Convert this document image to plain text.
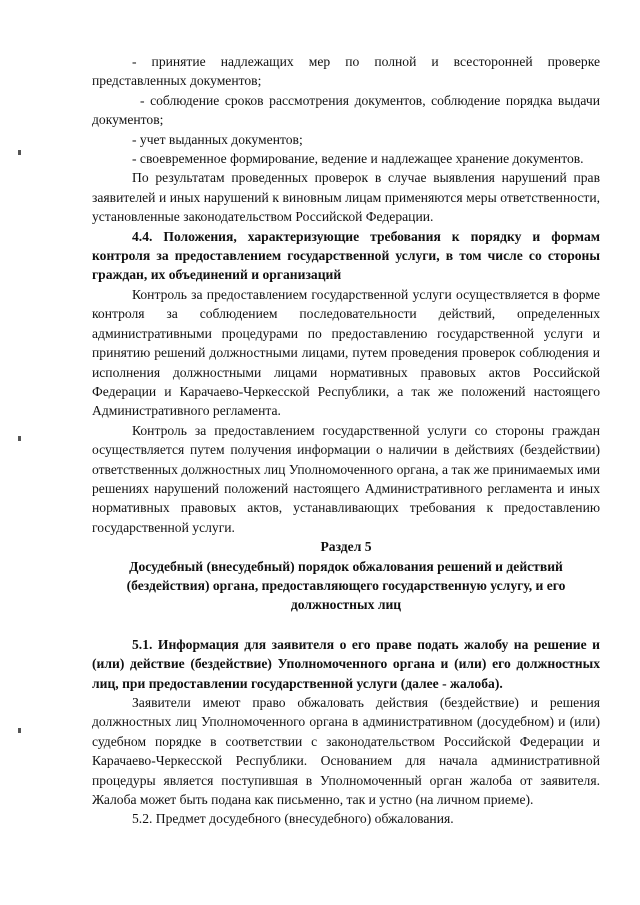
- принятие надлежащих мер по полной и всесторонней проверке представленных документов;

- соблюдение сроков рассмотрения документов, соблюдение порядка выдачи документов;

- учет выданных документов;

- своевременное формирование, ведение и надлежащее хранение документов.

По результатам проведенных проверок в случае выявления нарушений прав заявителей и иных нарушений к виновным лицам применяются меры ответственности, установленные законодательством Российской Федерации.

4.4. Положения, характеризующие требования к порядку и формам контроля за предоставлением государственной услуги, в том числе со стороны граждан, их объединений и организаций

Контроль за предоставлением государственной услуги осуществляется в форме контроля за соблюдением последовательности действий, определенных административными процедурами по предоставлению государственной услуги и принятию решений должностными лицами, путем проведения проверок соблюдения и исполнения должностными лицами нормативных правовых актов Российской Федерации и Карачаево-Черкесской Республики, а так же положений настоящего Административного регламента.

Контроль за предоставлением государственной услуги со стороны граждан осуществляется путем получения информации о наличии в действиях (бездействии) ответственных должностных лиц Уполномоченного органа, а так же принимаемых ими решениях нарушений положений настоящего Административного регламента и иных нормативных правовых актов, устанавливающих требования к предоставлению государственной услуги.

Раздел 5

Досудебный (внесудебный) порядок обжалования решений и действий (бездействия) органа, предоставляющего государственную услугу, и его должностных лиц

5.1. Информация для заявителя о его праве подать жалобу на решение и (или) действие (бездействие) Уполномоченного органа и (или) его должностных лиц, при предоставлении государственной услуги (далее - жалоба).

Заявители имеют право обжаловать действия (бездействие) и решения должностных лиц Уполномоченного органа в административном (досудебном) и (или) судебном порядке в соответствии с законодательством Российской Федерации и Карачаево-Черкесской Республики. Основанием для начала административной процедуры является поступившая в Уполномоченный орган жалоба от заявителя. Жалоба может быть подана как письменно, так и устно (на личном приеме).

5.2. Предмет досудебного (внесудебного) обжалования.
